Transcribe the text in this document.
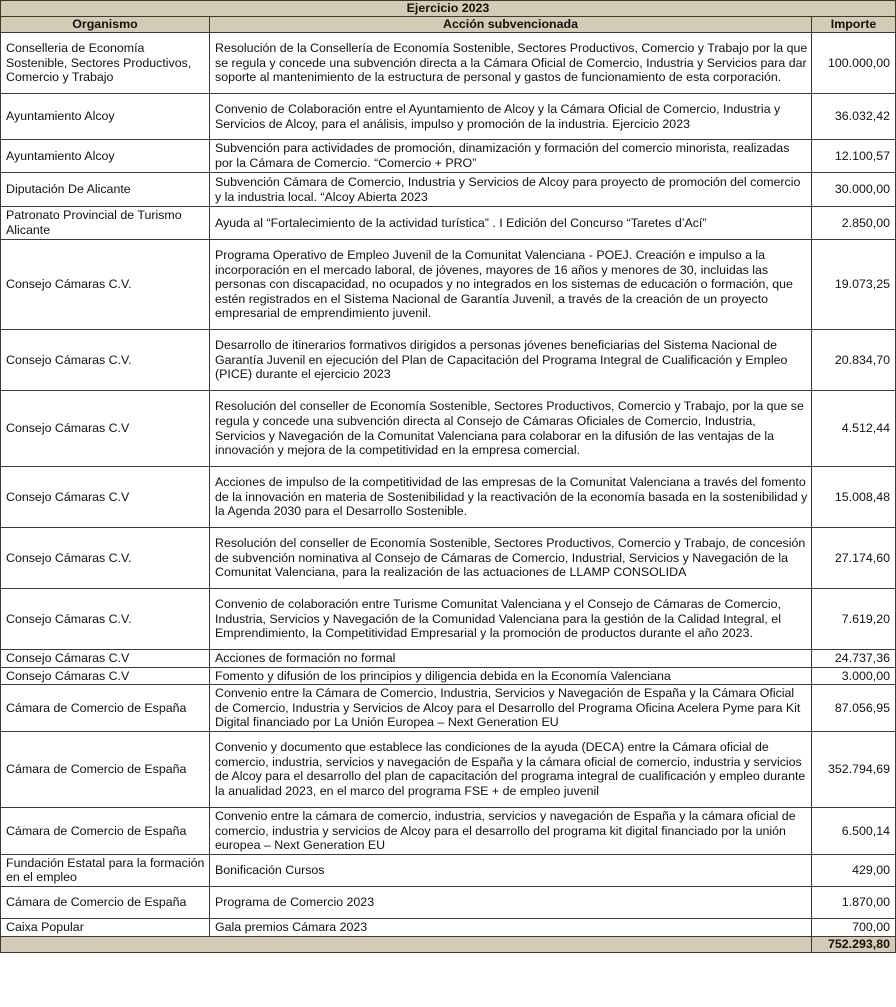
Ejercicio 2023		
Organismo	Acción subvencionada	Importe
Conselleria de Economía Sostenible, Sectores Productivos, Comercio y Trabajo	Resolución de la Consellería de Economía Sostenible, Sectores Productivos, Comercio y Trabajo por la que se regula y concede una subvención directa a la Cámara Oficial de Comercio, Industria y Servicios para dar soporte al mantenimiento de la estructura de personal y gastos de funcionamiento de esta corporación.	100.000,00
Ayuntamiento Alcoy	Convenio de Colaboración entre el Ayuntamiento de Alcoy y la Cámara Oficial de Comercio, Industria y Servicios de Alcoy, para el análisis, impulso y promoción de la industria. Ejercicio 2023	36.032,42
Ayuntamiento Alcoy	Subvención para actividades de promoción, dinamización y formación del comercio minorista, realizadas por la Cámara de Comercio. “Comercio + PRO”	12.100,57
Diputación De Alicante	Subvención Cámara de Comercio, Industria y Servicios de Alcoy para proyecto de promoción del comercio y la industria local. “Alcoy Abierta 2023	30.000,00
Patronato Provincial de Turismo Alicante	Ayuda al “Fortalecimiento de la actividad turística” . I Edición del Concurso “Taretes d’Ací”	2.850,00
Consejo Cámaras C.V.	Programa Operativo de Empleo Juvenil de la Comunitat Valenciana - POEJ. Creación e impulso a la incorporación en el mercado laboral, de jóvenes, mayores de 16 años y menores de 30, incluidas las personas con discapacidad, no ocupados y no integrados en los sistemas de educación o formación, que estén registrados en el Sistema Nacional de Garantía Juvenil, a través de la creación de un proyecto empresarial de emprendimiento juvenil.	19.073,25
Consejo Cámaras C.V.	Desarrollo de itinerarios formativos dirigidos a personas jóvenes beneficiarias del Sistema Nacional de Garantía Juvenil en ejecución del Plan de Capacitación del Programa Integral de Cualificación y Empleo (PICE) durante el ejercicio 2023	20.834,70
Consejo Cámaras C.V	Resolución del conseller de Economía Sostenible, Sectores Productivos, Comercio y Trabajo, por la que se regula y concede una subvención directa al Consejo de Cámaras Oficiales de Comercio, Industria, Servicios y Navegación de la Comunitat Valenciana para colaborar en la difusión de las ventajas de la innovación y mejora de la competitividad en la empresa comercial.	4.512,44
Consejo Cámaras C.V	Acciones de impulso de la competitividad de las empresas de la Comunitat Valenciana a través del fomento de la innovación en materia de Sostenibilidad y la reactivación de la economía basada en la sostenibilidad y la Agenda 2030 para el Desarrollo Sostenible.	15.008,48
Consejo Cámaras C.V.	Resolución del conseller de Economía Sostenible, Sectores Productivos, Comercio y Trabajo, de concesión de subvención nominativa al Consejo de Cámaras de Comercio, Industrial, Servicios y Navegación de la Comunitat Valenciana, para la realización de las actuaciones de LLAMP CONSOLIDA	27.174,60
Consejo Cámaras C.V.	Convenio de colaboración entre Turisme Comunitat Valenciana y el Consejo de Cámaras de Comercio, Industria, Servicios y Navegación de la Comunidad Valenciana para la gestión de la Calidad Integral, el Emprendimiento, la Competitividad Empresarial y la promoción de productos durante el año 2023.	7.619,20
Consejo Cámaras C.V	Acciones de formación no formal	24.737,36
Consejo Cámaras C.V	Fomento y difusión de los principios y diligencia debida en la Economía Valenciana	3.000,00
Cámara de Comercio de España	Convenio entre la Cámara de Comercio, Industria, Servicios y Navegación de España y la Cámara Oficial de Comercio, Industria y Servicios de Alcoy para el Desarrollo del Programa Oficina Acelera Pyme para Kit Digital financiado por La Unión Europea – Next Generation EU	87.056,95
Cámara de Comercio de España	Convenio y documento que establece las condiciones de la ayuda (DECA) entre la Cámara oficial de comercio, industria, servicios y navegación de España y la cámara oficial de comercio, industria y servicios de Alcoy para el desarrollo del plan de capacitación del programa integral de cualificación y empleo durante la anualidad 2023, en el marco del programa FSE + de empleo juvenil	352.794,69
Cámara de Comercio de España	Convenio entre la cámara de comercio, industria, servicios y navegación de España y la cámara oficial de comercio, industria y servicios de Alcoy para el desarrollo del programa kit digital financiado por la unión europea – Next Generation EU	6.500,14
Fundación Estatal para la formación en el empleo	Bonificación Cursos	429,00
Cámara de Comercio de España	Programa de Comercio 2023	1.870,00
Caixa Popular	Gala premios Cámara 2023	700,00
		752.293,80
